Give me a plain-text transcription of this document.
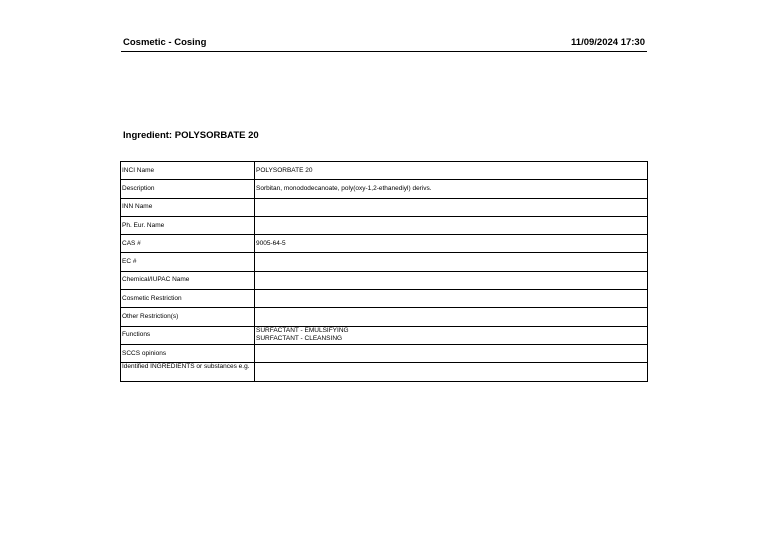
Cosmetic - Cosing	11/09/2024 17:30
Ingredient: POLYSORBATE 20
INCI Name	POLYSORBATE 20

Description	Sorbitan, monododecanoate, poly(oxy-1,2-ethanediyl) derivs.

INN Name	
Ph. Eur. Name	
CAS #	9005-64-5

EC #	
Chemical/IUPAC Name	
Cosmetic Restriction	
Other Restriction(s)	
Functions	SURFACTANT - EMULSIFYING
SURFACTANT - CLEANSING

SCCS opinions	

Identified INGREDIENTS or substances e.g.	
